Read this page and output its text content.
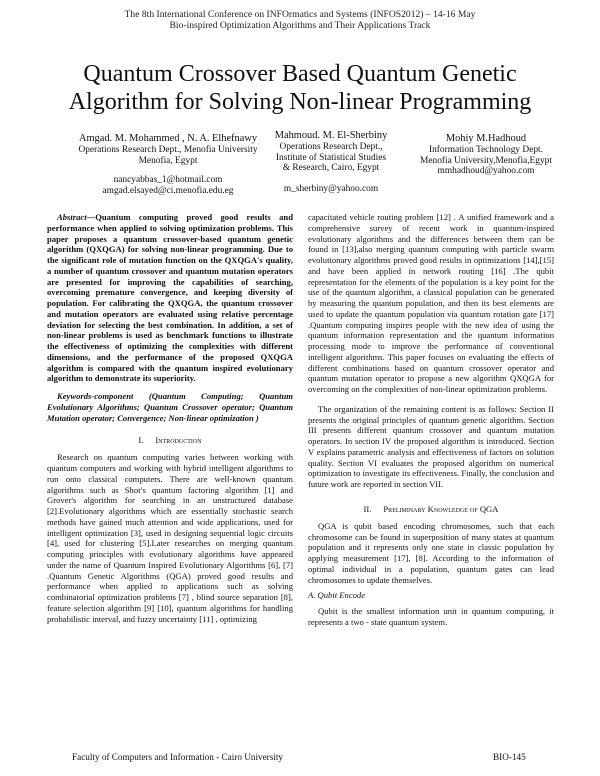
The 8th International Conference on INFOrmatics and Systems (INFOS2012) – 14-16 May
Bio-inspired Optimization Algorithms and Their Applications Track
Quantum Crossover Based Quantum Genetic
Algorithm for Solving Non-linear Programming
Amgad. M. Mohammed , N. A. Elhefnawy
Operations Research Dept., Menofia University
Menofia, Egypt
nancyabbas_1@hotmail.com
amgad.elsayed@ci.menofia.edu.eg
Mahmoud. M. El-Sherbiny
Operations Research Dept.,
Institute of Statistical Studies
& Research, Cairo, Egypt
m_sherbiny@yahoo.com
Mohiy M.Hadhoud
Information Technology Dept.
Menofia University,Menofia,Egypt
mmhadhoud@yahoo.com

Abstract—Quantum computing proved good results and performance when applied to solving optimization problems. This paper proposes a quantum crossover-based quantum genetic algorithm (QXQGA) for solving non-linear programming. Due to the significant role of mutation function on the QXQGA's quality, a number of quantum crossover and quantum mutation operators are presented for improving the capabilities of searching, overcoming premature convergence, and keeping diversity of population. For calibrating the QXQGA, the quantum crossover and mutation operators are evaluated using relative percentage deviation for selecting the best combination. In addition, a set of non-linear problems is used as benchmark functions to illustrate the effectiveness of optimizing the complexities with different dimensions, and the performance of the proposed QXQGA algorithm is compared with the quantum inspired evolutionary algorithm to demonstrate its superiority.

Keywords-component (Quantum Computing; Quantum Evolutionary Algorithms; Quantum Crossover operator; Quantum Mutation operator; Convergence; Non-linear optimization )

I. Introduction

Research on quantum computing varies between working with quantum computers and working with hybrid intelligent algorithms to run onto classical computers. There are well-known quantum algorithms such as Shor's quantum factoring algorithm [1] and Grover's algorithm for searching in an unstructured database [2].Evolutionary algorithms which are essentially stochastic search methods have gained much attention and wide applications, used for intelligent optimization [3], used in designing sequential logic circuits [4], used for clustering [5].Later researches on merging quantum computing principles with evolutionary algorithms have appeared under the name of Quantum Inspired Evolutionary Algorithms [6], [7] .Quantum Genetic Algorithms (QGA) proved good results and performance when applied to applications such as solving combinatorial optimization problems [7] , blind source separation [8], feature selection algorithm [9] [10], quantum algorithms for handling probabilistic interval, and fuzzy uncertainty [11] , optimizing

capacitated vehicle routing problem [12] . A unified framework and a comprehensive survey of recent work in quantum-inspired evolutionary algorithms and the differences between them can be found in [13],also merging quantum computing with particle swarm evolutionary algorithms proved good results in optimizations [14],[15] and have been applied in network routing [16] .The qubit representation for the elements of the population is a key point for the use of the quantum algorithm, a classical population can be generated by measuring the quantum population, and then its best elements are used to update the quantum population via quantum rotation gate [17] .Quantum computing inspires people with the new idea of using the quantum information representation and the quantum information processing mode to improve the performance of conventional intelligent algorithms. This paper focuses on evaluating the effects of different combinations based on quantum crossover operator and quantum mutation operator to propose a new algorithm QXQGA for overcoming on the complexities of non-linear optimization problems.

The organization of the remaining content is as follows: Section II presents the original principles of quantum genetic algorithm. Section III presents different quantum crossover and quantum mutation operators. In section IV the proposed algorithm is introduced. Section V explains parametric analysis and effectiveness of factors on solution quality. Section VI evaluates the proposed algorithm on numerical optimization to investigate its effectiveness. Finally, the conclusion and future work are reported in section VII.

II. Preliminary Knowledge of QGA

QGA is qubit based encoding chromosomes, such that each chromosome can be found in superposition of many states at quantum population and it represents only one state in classic population by applying measurement [17], [8]. According to the information of optimal individual in a population, quantum gates can lead chromosomes to update themselves.

A. Qubit Encode

Qubit is the smallest information unit in quantum computing, it represents a two - state quantum system.

Faculty of Computers and Information - Cairo University	BIO-145
